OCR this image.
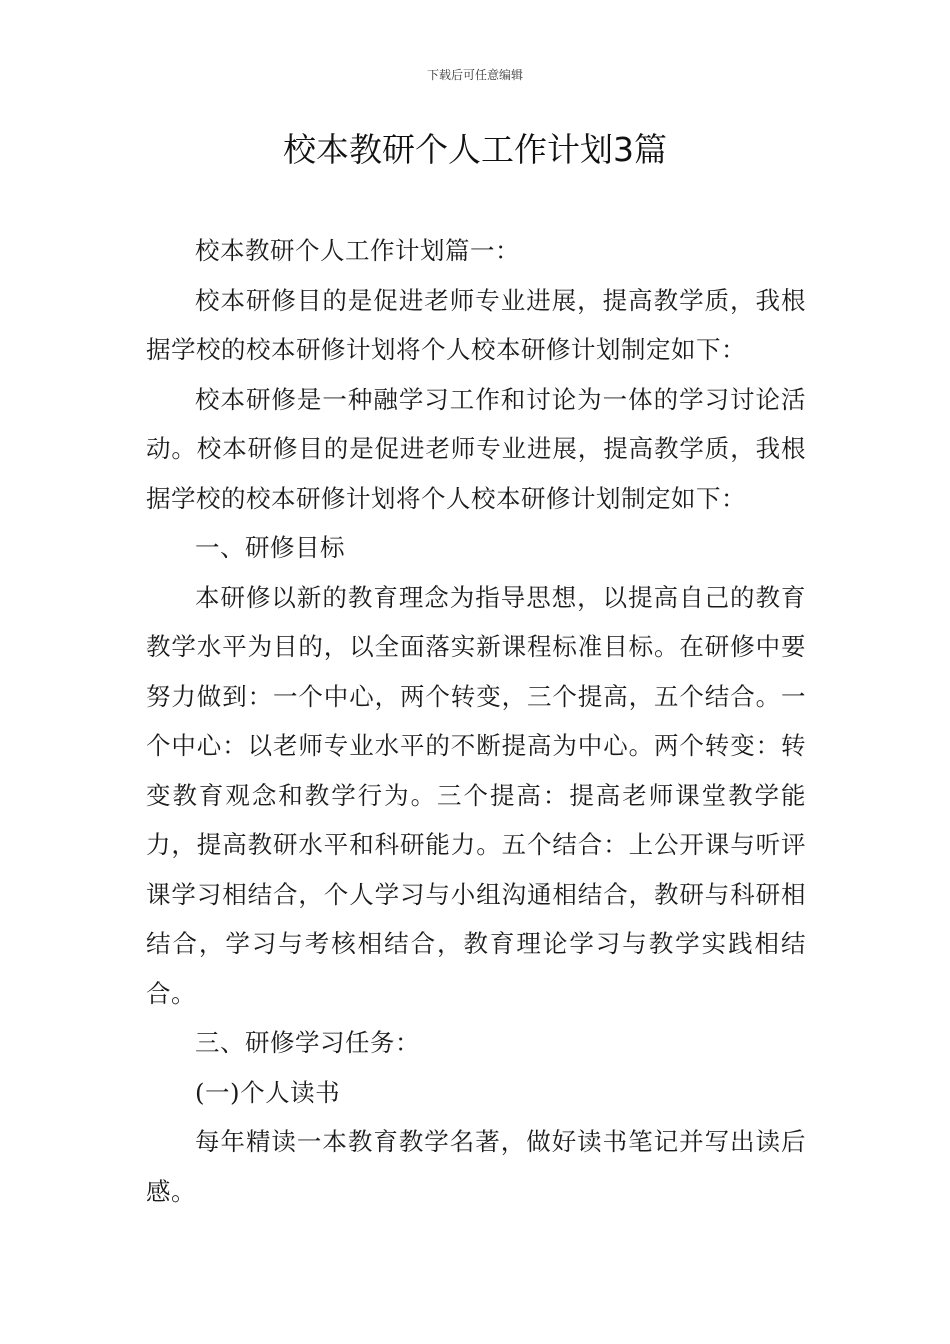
下载后可任意编辑
校本教研个人工作计划3篇

校本教研个人工作计划篇一：

校本研修目的是促进老师专业进展，提高教学质，我根据学校的校本研修计划将个人校本研修计划制定如下：

校本研修是一种融学习工作和讨论为一体的学习讨论活动。校本研修目的是促进老师专业进展，提高教学质，我根据学校的校本研修计划将个人校本研修计划制定如下：

一、研修目标

本研修以新的教育理念为指导思想，以提高自己的教育教学水平为目的，以全面落实新课程标准目标。在研修中要努力做到：一个中心，两个转变，三个提高，五个结合。一个中心：以老师专业水平的不断提高为中心。两个转变：转变教育观念和教学行为。三个提高：提高老师课堂教学能力，提高教研水平和科研能力。五个结合：上公开课与听评课学习相结合，个人学习与小组沟通相结合，教研与科研相结合，学习与考核相结合，教育理论学习与教学实践相结合。

三、研修学习任务：

(一)个人读书

每年精读一本教育教学名著，做好读书笔记并写出读后感。
